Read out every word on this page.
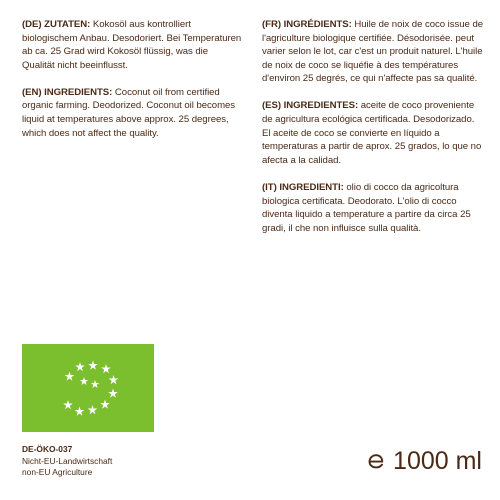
(DE) ZUTATEN: Kokosöl aus kontrolliert biologischem Anbau. Desodoriert. Bei Temperaturen ab ca. 25 Grad wird Kokosöl flüssig, was die Qualität nicht beeinflusst.

(EN) INGREDIENTS: Coconut oil from certified organic farming. Deodorized. Coconut oil becomes liquid at temperatures above approx. 25 degrees, which does not affect the quality.

(FR) INGRÉDIENTS: Huile de noix de coco issue de l'agriculture biologique certifiée. Désodorisée. peut varier selon le lot, car c'est un produit naturel. L'huile de noix de coco se liquéfie à des températures d'environ 25 degrés, ce qui n'affecte pas sa qualité.

(ES) INGREDIENTES: aceite de coco proveniente de agricultura ecológica certificada. Desodorizado. El aceite de coco se convierte en líquido a temperaturas a partir de aprox. 25 grados, lo que no afecta a la calidad.

(IT) INGREDIENTI: olio di cocco da agricoltura biologica certificata. Deodorato. L'olio di cocco diventa liquido a temperature a partire da circa 25 gradi, il che non influisce sulla qualità.

DE-ÖKO-037
Nicht-EU-Landwirtschaft
non-EU Agriculture	1000 ml
